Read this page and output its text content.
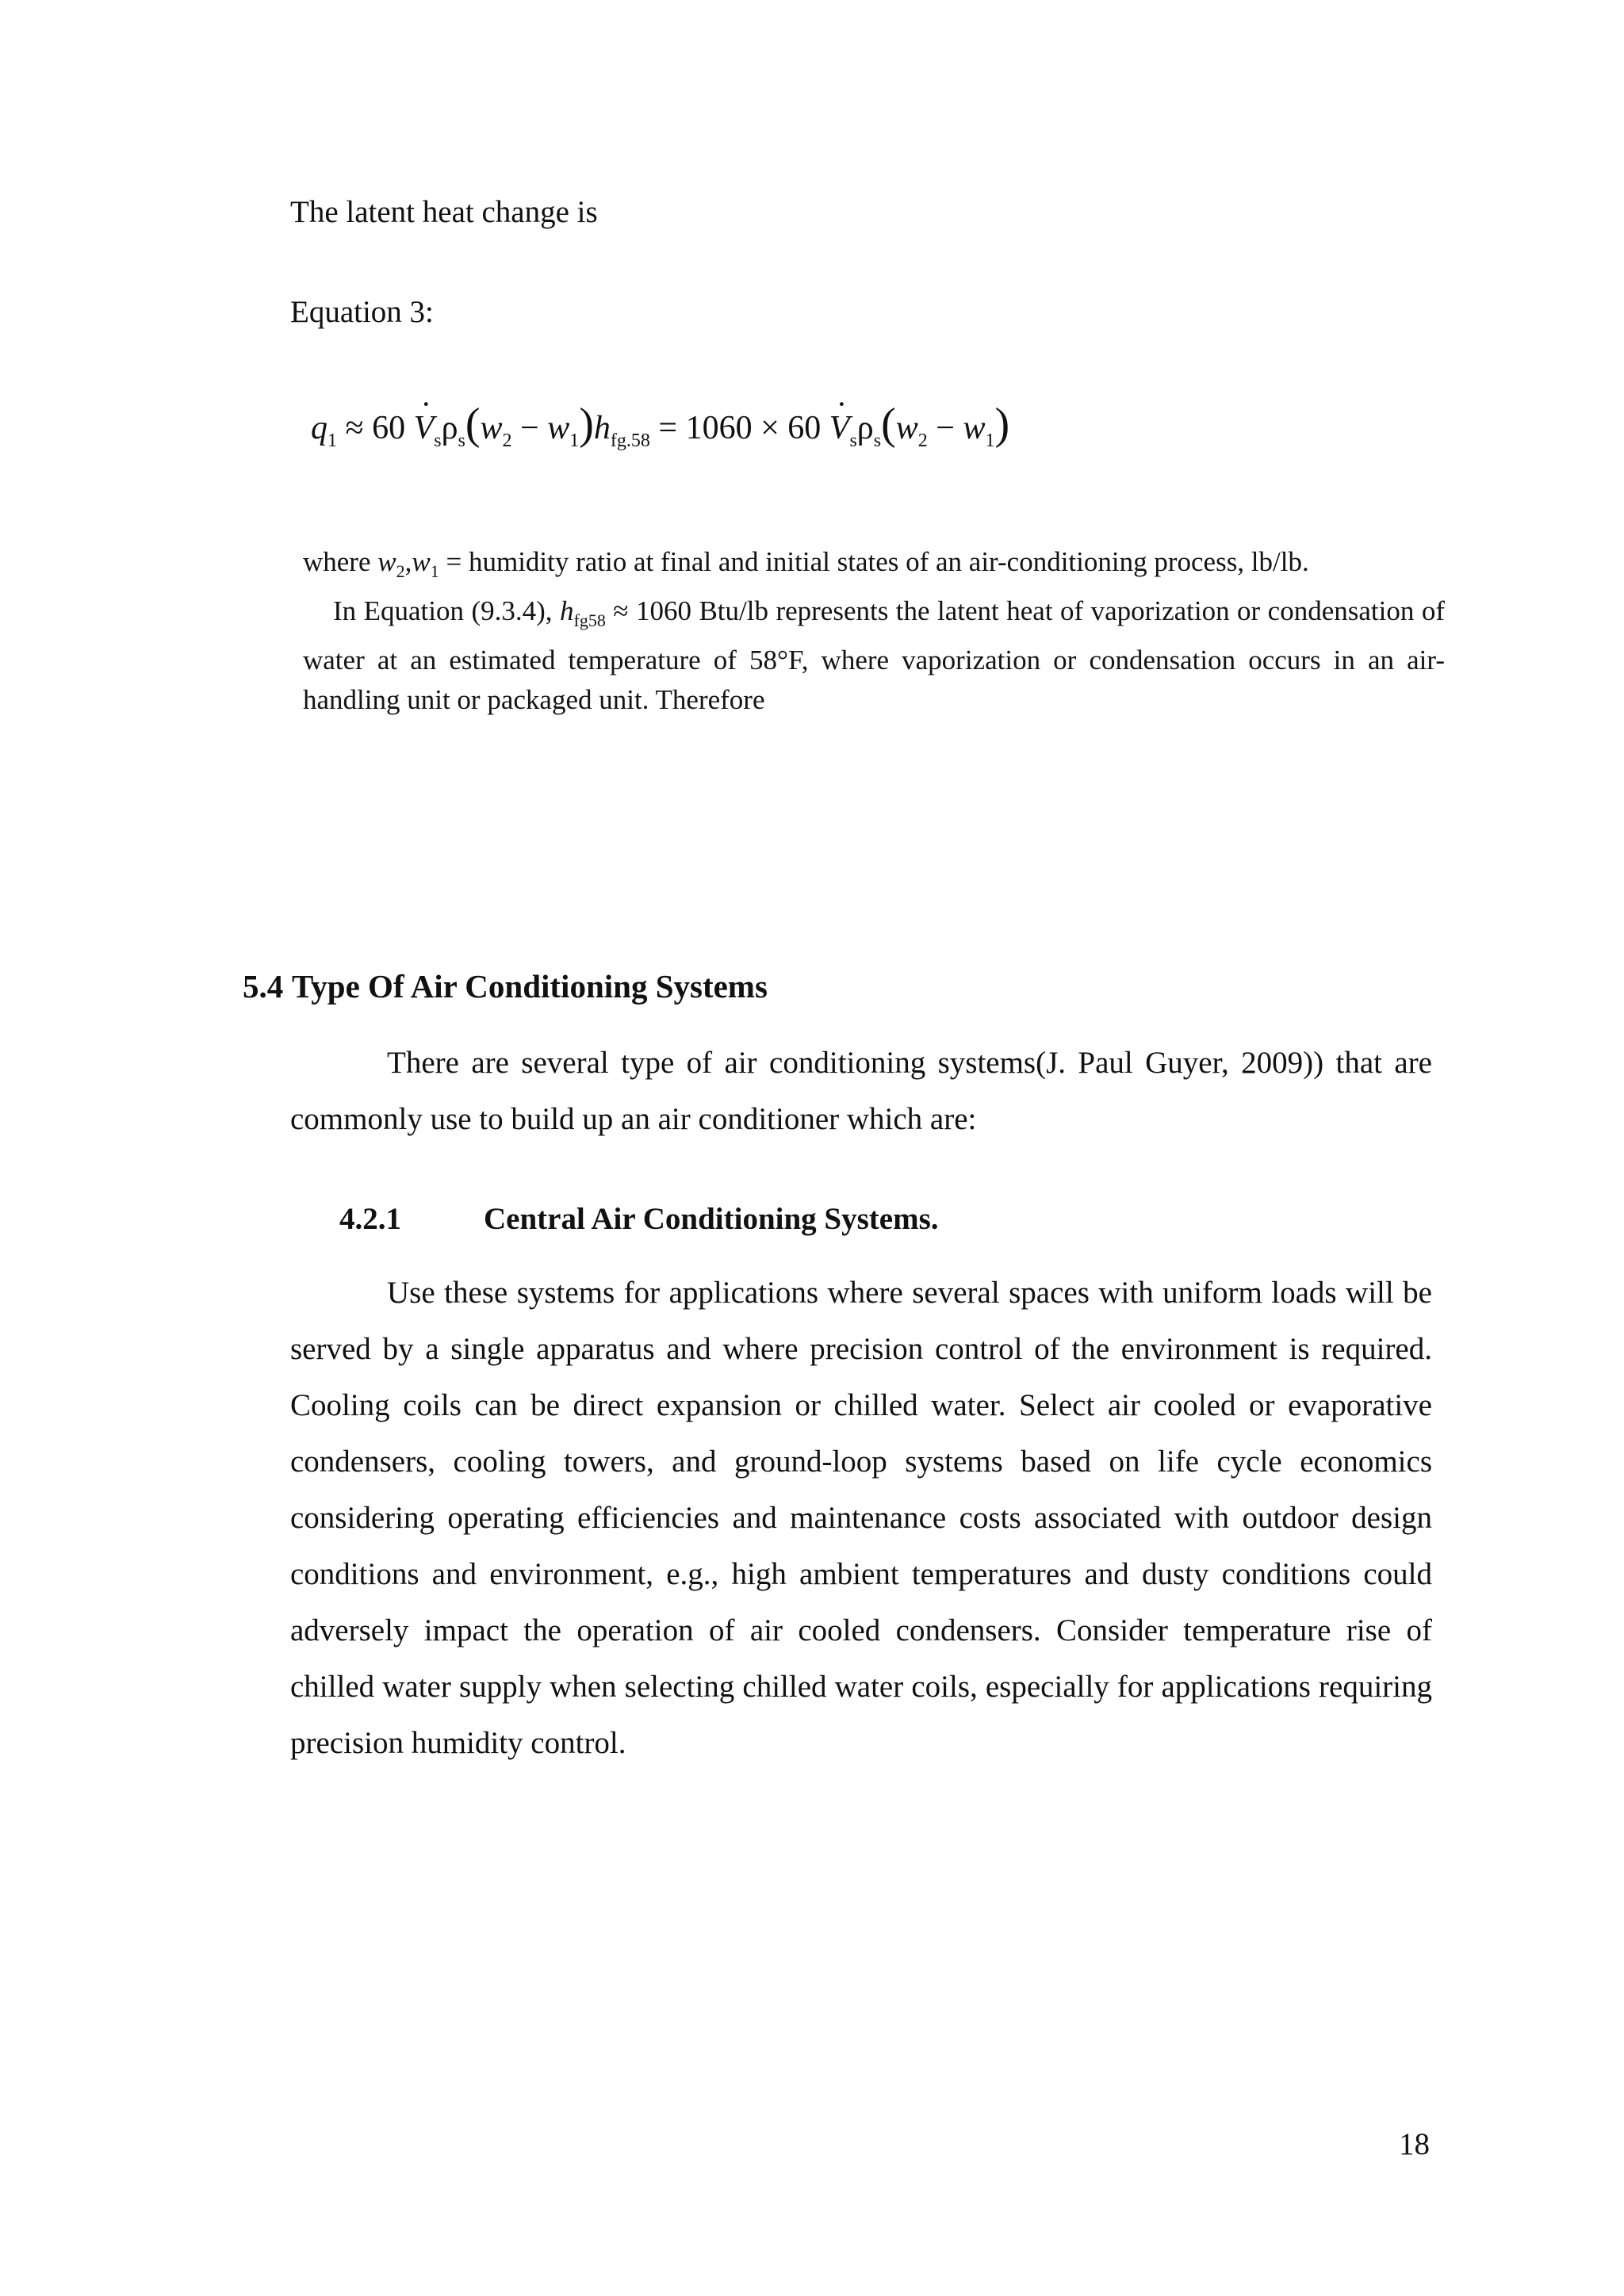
The latent heat change is

Equation 3:

$q_1 \approx 60 \cdot V_s\rho_s(w_2 - w_1)h_{fg.58} = 1060 \times 60 \cdot V_s\rho_s(w_2 - w_1)$

where $w_2,w_1$ = humidity ratio at final and initial states of an air-conditioning process, lb/lb.

In Equation (9.3.4), $h_{fg58} \approx 1060$ Btu/lb represents the latent heat of vaporization or condensation of water at an estimated temperature of 58°F, where vaporization or condensation occurs in an air-handling unit or packaged unit. Therefore

5.4 Type Of Air Conditioning Systems

There are several type of air conditioning systems(J. Paul Guyer, 2009)) that are commonly use to build up an air conditioner which are:

4.2.1	Central Air Conditioning Systems.

Use these systems for applications where several spaces with uniform loads will be served by a single apparatus and where precision control of the environment is required. Cooling coils can be direct expansion or chilled water. Select air cooled or evaporative condensers, cooling towers, and ground-loop systems based on life cycle economics considering operating efficiencies and maintenance costs associated with outdoor design conditions and environment, e.g., high ambient temperatures and dusty conditions could adversely impact the operation of air cooled condensers. Consider temperature rise of chilled water supply when selecting chilled water coils, especially for applications requiring precision humidity control.

18
